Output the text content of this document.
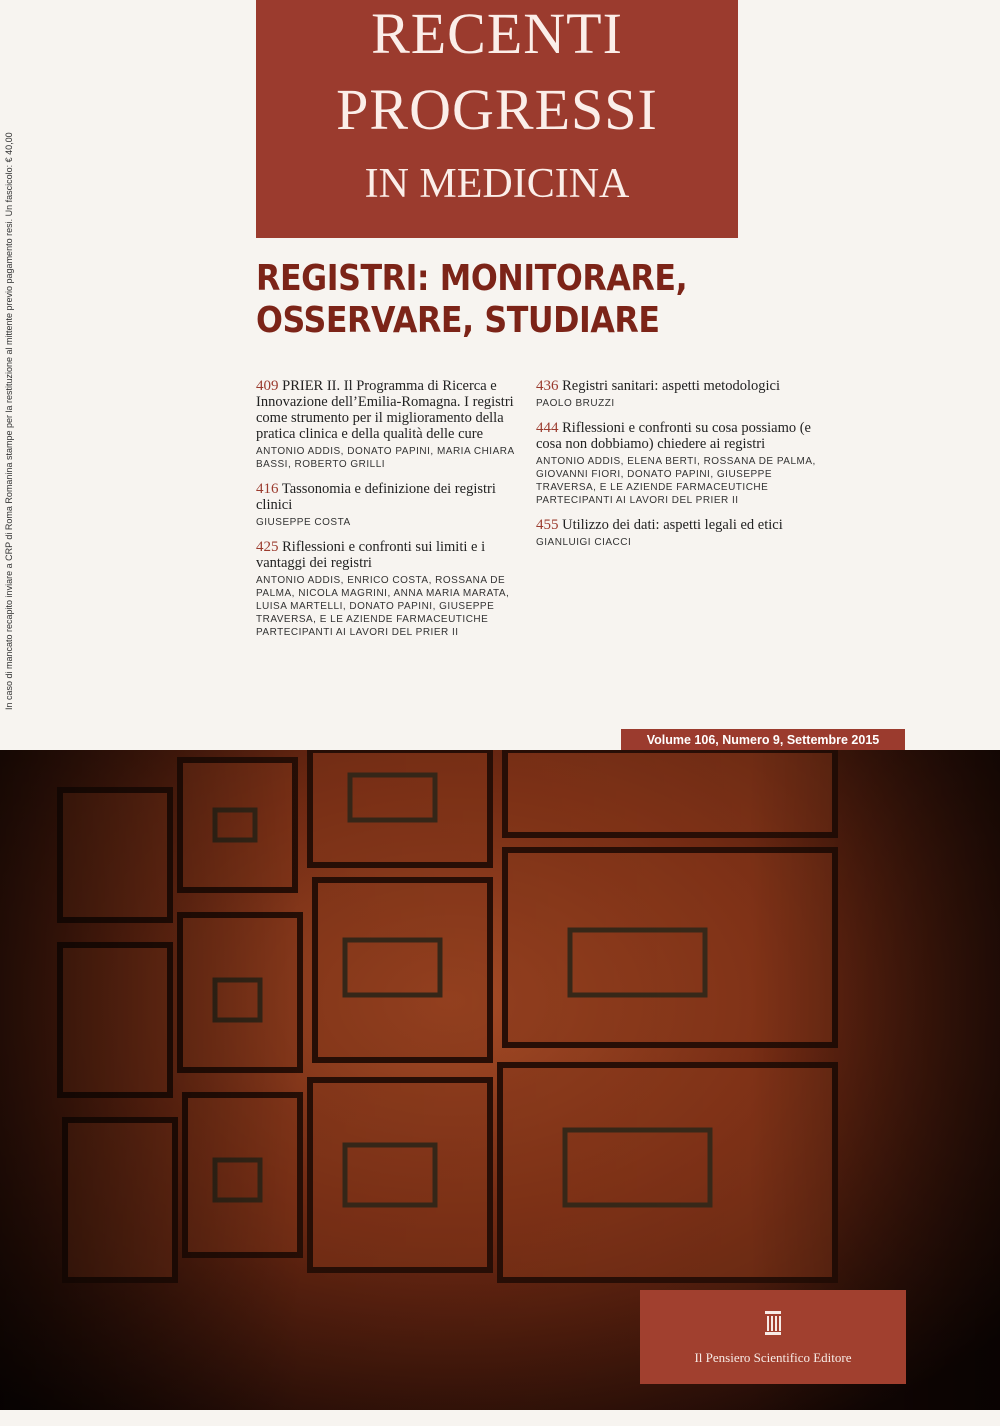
In caso di mancato recapito inviare a CRP di Roma Romanina stampe per la restituzione al mittente previo pagamento resi. Un fascicolo: € 40,00
RECENTI
PROGRESSI
IN MEDICINA
REGISTRI: MONITORARE,
OSSERVARE, STUDIARE
409 PRIER II. Il Programma di Ricerca e Innovazione dell’Emilia-Romagna. I registri come strumento per il miglioramento della pratica clinica e della qualità delle cure
ANTONIO ADDIS, DONATO PAPINI, MARIA CHIARA BASSI, ROBERTO GRILLI
416 Tassonomia e definizione dei registri clinici
GIUSEPPE COSTA
425 Riflessioni e confronti sui limiti e i vantaggi dei registri
ANTONIO ADDIS, ENRICO COSTA, ROSSANA DE PALMA, NICOLA MAGRINI, ANNA MARIA MARATA, LUISA MARTELLI, DONATO PAPINI, GIUSEPPE TRAVERSA, E LE AZIENDE FARMACEUTICHE PARTECIPANTI AI LAVORI DEL PRIER II
436 Registri sanitari: aspetti metodologici
PAOLO BRUZZI
444 Riflessioni e confronti su cosa possiamo (e cosa non dobbiamo) chiedere ai registri
ANTONIO ADDIS, ELENA BERTI, ROSSANA DE PALMA, GIOVANNI FIORI, DONATO PAPINI, GIUSEPPE TRAVERSA, E LE AZIENDE FARMACEUTICHE PARTECIPANTI AI LAVORI DEL PRIER II
455 Utilizzo dei dati: aspetti legali ed etici
GIANLUIGI CIACCI
Volume 106, Numero 9, Settembre 2015
Il Pensiero Scientifico Editore
